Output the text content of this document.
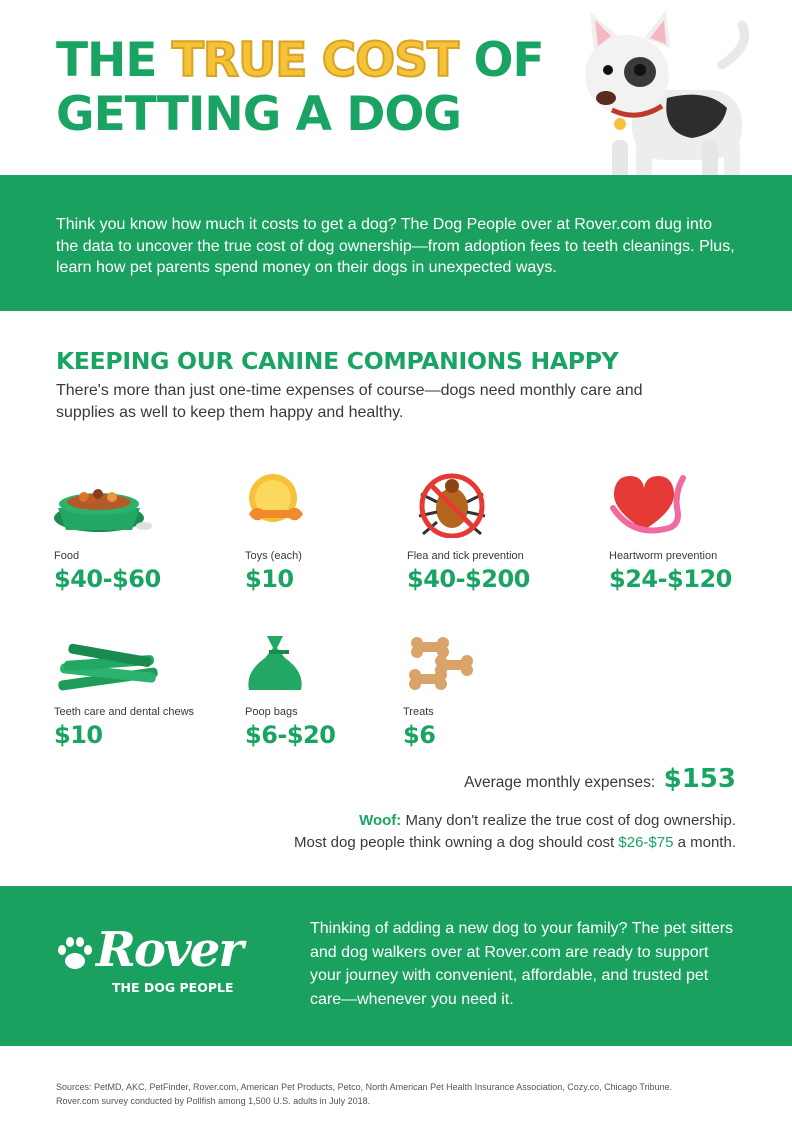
THE TRUE COST OF
GETTING A DOG

Think you know how much it costs to get a dog? The Dog People over at Rover.com dug into the data to uncover the true cost of dog ownership—from adoption fees to teeth cleanings. Plus, learn how pet parents spend money on their dogs in unexpected ways.

KEEPING OUR CANINE COMPANIONS HAPPY

There's more than just one-time expenses of course—dogs need monthly care and supplies as well to keep them happy and healthy.

Food
$40-$60
Toys (each)
$10
Flea and tick prevention
$40-$200
Heartworm prevention
$24-$120
Teeth care and dental chews
$10
Poop bags
$6-$20
Treats
$6
Average monthly expenses: $153

Woof: Many don't realize the true cost of dog ownership.
Most dog people think owning a dog should cost $26-$75 a month.

Rover
THE DOG PEOPLE

Thinking of adding a new dog to your family? The pet sitters and dog walkers over at Rover.com are ready to support your journey with convenient, affordable, and trusted pet care—whenever you need it.

Sources: PetMD, AKC, PetFinder, Rover.com, American Pet Products, Petco, North American Pet Health Insurance Association, Cozy.co, Chicago Tribune. Rover.com survey conducted by Pollfish among 1,500 U.S. adults in July 2018.
